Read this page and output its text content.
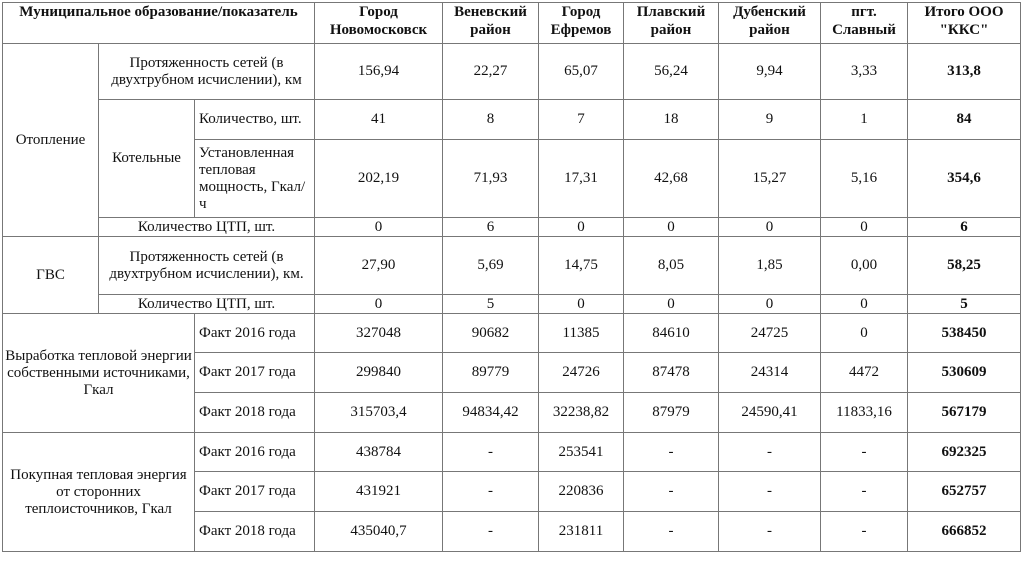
Муниципальное образование/показатель			Город Новомосковск	Веневский район	Город Ефремов	Плавский район	Дубенский район	пгт. Славный	Итого ООО "ККС"
Отопление	Протяженность сетей (в двухтрубном исчислении), км		156,94	22,27	65,07	56,24	9,94	3,33	313,8
	Котельные	Количество, шт.	41	8	7	18	9	1	84
		Установленная тепловая мощность, Гкал/ч	202,19	71,93	17,31	42,68	15,27	5,16	354,6
	Количество ЦТП, шт.		0	6	0	0	0	0	6

ГВС	Протяженность сетей (в двухтрубном исчислении), км.		27,90	5,69	14,75	8,05	1,85	0,00	58,25
	Количество ЦТП, шт.		0	5	0	0	0	0	5
Выработка тепловой энергии собственными источниками, Гкал		Факт 2016 года	327048	90682	11385	84610	24725	0	538450
		Факт 2017 года	299840	89779	24726	87478	24314	4472	530609
		Факт 2018 года	315703,4	94834,42	32238,82	87979	24590,41	11833,16	567179
Покупная тепловая энергия от сторонних теплоисточников, Гкал		Факт 2016 года	438784	-	253541	-	-	-	692325
		Факт 2017 года	431921	-	220836	-	-	-	652757
		Факт 2018 года	435040,7	-	231811	-	-	-	666852
